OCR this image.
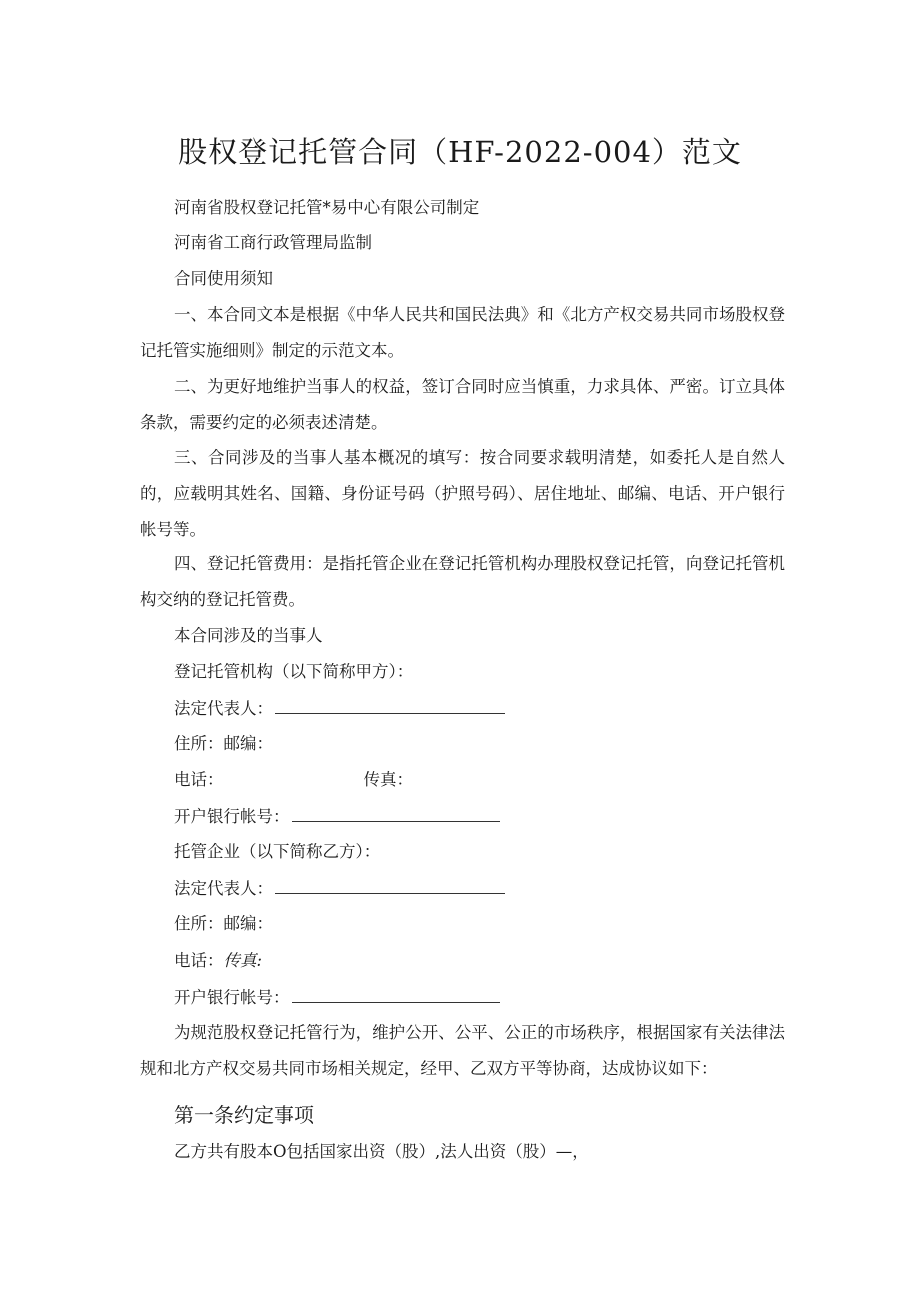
股权登记托管合同（HF-2022-004）范文
河南省股权登记托管*易中心有限公司制定
河南省工商行政管理局监制
合同使用须知

一、本合同文本是根据《中华人民共和国民法典》和《北方产权交易共同市场股权登记托管实施细则》制定的示范文本。

二、为更好地维护当事人的权益，签订合同时应当慎重，力求具体、严密。订立具体条款，需要约定的必须表述清楚。

三、合同涉及的当事人基本概况的填写：按合同要求载明清楚，如委托人是自然人的，应载明其姓名、国籍、身份证号码（护照号码）、居住地址、邮编、电话、开户银行帐号等。

四、登记托管费用：是指托管企业在登记托管机构办理股权登记托管，向登记托管机构交纳的登记托管费。

本合同涉及的当事人
登记托管机构（以下简称甲方）：
法定代表人：
住所：邮编：
电话：	传真：
开户银行帐号：
托管企业（以下简称乙方）：
法定代表人：
住所：邮编：
电话：传真:
开户银行帐号：

为规范股权登记托管行为，维护公开、公平、公正的市场秩序，根据国家有关法律法规和北方产权交易共同市场相关规定，经甲、乙双方平等协商，达成协议如下：

第一条约定事项
乙方共有股本O包括国家出资（股）,法人出资（股）—，
